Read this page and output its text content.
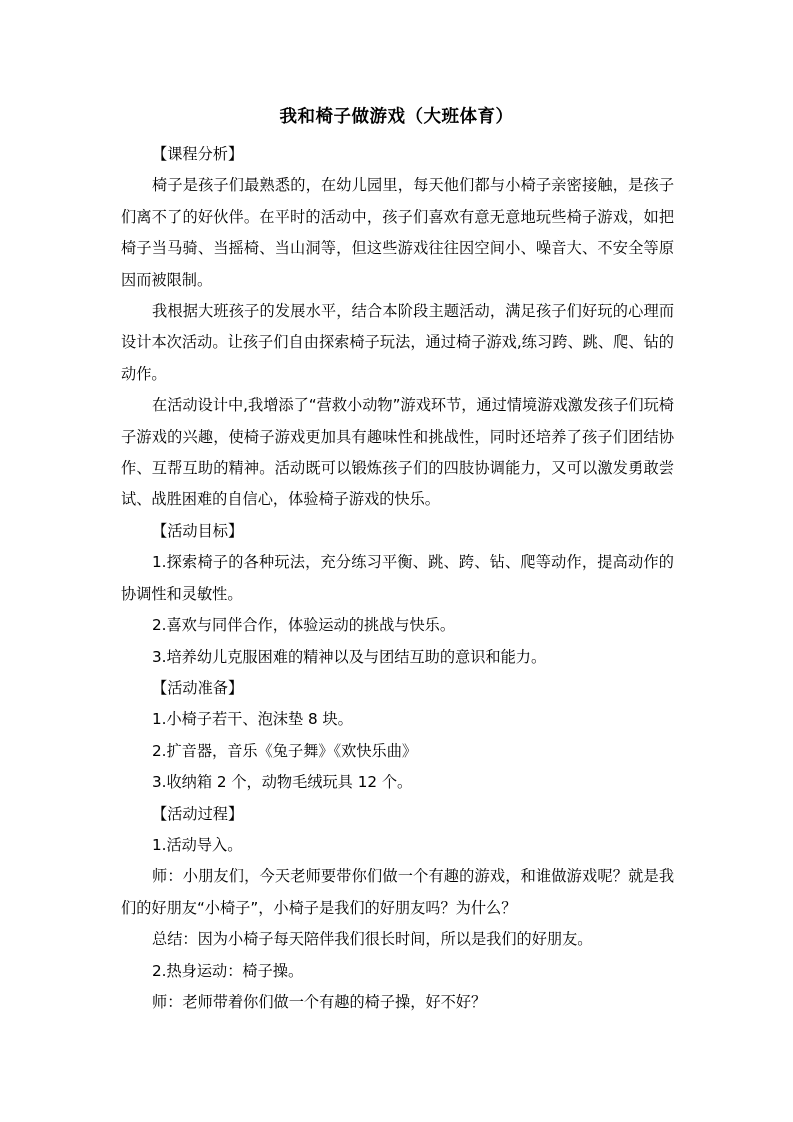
我和椅子做游戏（大班体育）

【课程分析】

椅子是孩子们最熟悉的，在幼儿园里，每天他们都与小椅子亲密接触，是孩子们离不了的好伙伴。在平时的活动中，孩子们喜欢有意无意地玩些椅子游戏，如把椅子当马骑、当摇椅、当山洞等，但这些游戏往往因空间小、噪音大、不安全等原因而被限制。

我根据大班孩子的发展水平，结合本阶段主题活动，满足孩子们好玩的心理而设计本次活动。让孩子们自由探索椅子玩法，通过椅子游戏,练习跨、跳、爬、钻的动作。

在活动设计中,我增添了“营救小动物”游戏环节，通过情境游戏激发孩子们玩椅子游戏的兴趣，使椅子游戏更加具有趣味性和挑战性，同时还培养了孩子们团结协作、互帮互助的精神。活动既可以锻炼孩子们的四肢协调能力，又可以激发勇敢尝试、战胜困难的自信心，体验椅子游戏的快乐。

【活动目标】

1.探索椅子的各种玩法，充分练习平衡、跳、跨、钻、爬等动作，提高动作的协调性和灵敏性。

2.喜欢与同伴合作，体验运动的挑战与快乐。

3.培养幼儿克服困难的精神以及与团结互助的意识和能力。

【活动准备】

1.小椅子若干、泡沫垫 8 块。

2.扩音器，音乐《兔子舞》《欢快乐曲》

3.收纳箱 2 个，动物毛绒玩具 12 个。

【活动过程】

1.活动导入。

师：小朋友们，今天老师要带你们做一个有趣的游戏，和谁做游戏呢？就是我们的好朋友“小椅子”，小椅子是我们的好朋友吗？为什么？

总结：因为小椅子每天陪伴我们很长时间，所以是我们的好朋友。

2.热身运动：椅子操。

师：老师带着你们做一个有趣的椅子操，好不好？
